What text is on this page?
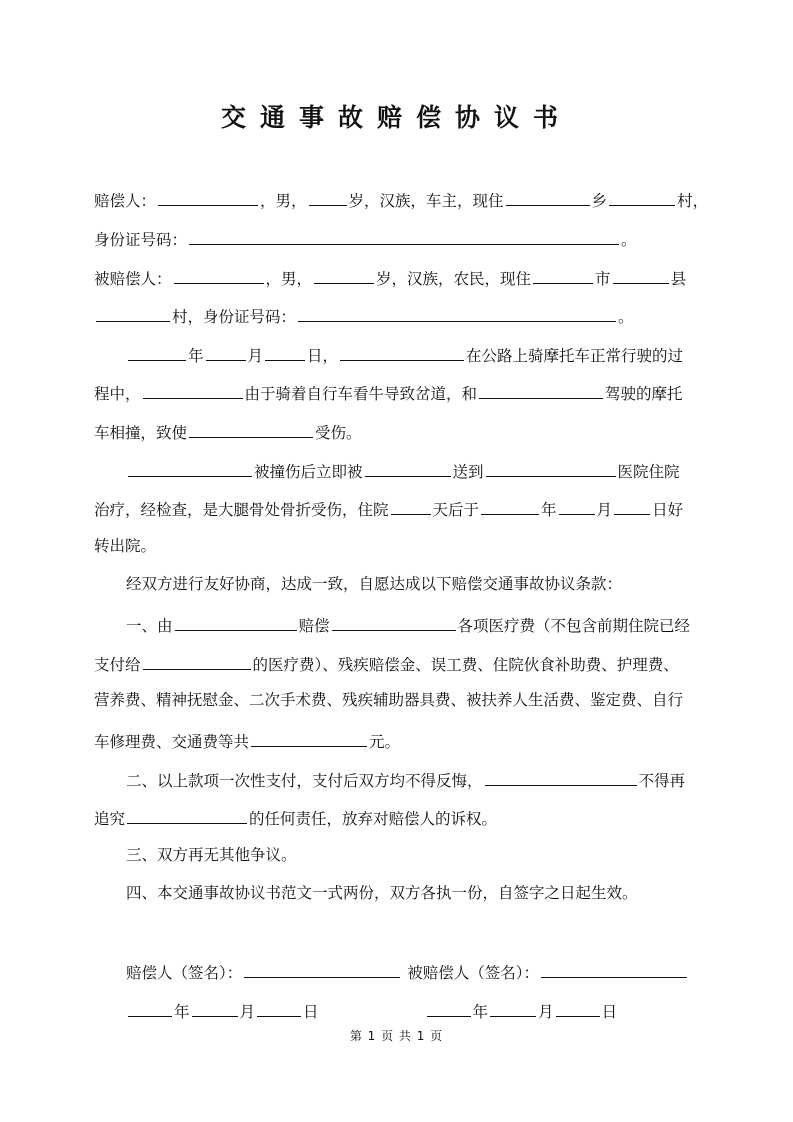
交通事故赔偿协议书
赔偿人：	，男，	岁，汉族，车主，现住	乡	村，
身份证号码：	。
被赔偿人：	，男，	岁，汉族，农民，现住	市	县
村，身份证号码：	。
年	月	日，	在公路上骑摩托车正常行驶的过
程中，	由于骑着自行车看牛导致岔道，和	驾驶的摩托
车相撞，致使	受伤。
被撞伤后立即被	送到	医院住院
治疗，经检查，是大腿骨处骨折受伤，住院	天后于	年	月	日好
转出院。
经双方进行友好协商，达成一致，自愿达成以下赔偿交通事故协议条款：
一、由	赔偿	各项医疗费（不包含前期住院已经
支付给	的医疗费）、残疾赔偿金、误工费、住院伙食补助费、护理费、
营养费、精神抚慰金、二次手术费、残疾辅助器具费、被扶养人生活费、鉴定费、自行
车修理费、交通费等共	元。
二、以上款项一次性支付，支付后双方均不得反悔，	不得再
追究	的任何责任，放弃对赔偿人的诉权。
三、双方再无其他争议。
四、本交通事故协议书范文一式两份，双方各执一份，自签字之日起生效。
赔偿人（签名）：	被赔偿人（签名）：
年	月	日	年	月	日
第 1 页 共 1 页
